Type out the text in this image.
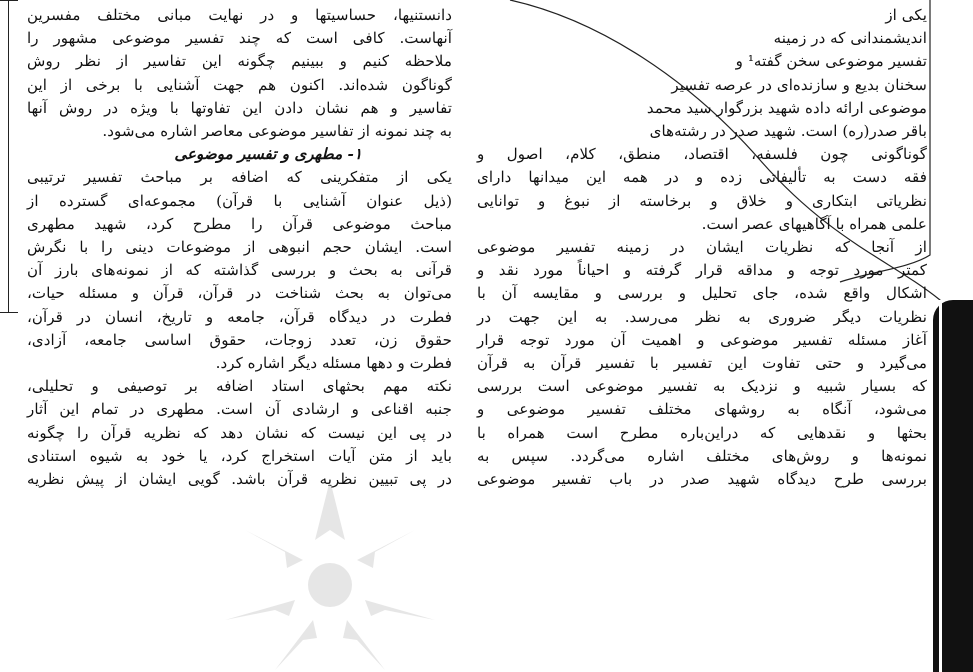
دانستنیها، حساسیتها و در نهایت مبانی مختلف مفسرین
آنهاست. کافی است که چند تفسیر موضوعی مشهور را
ملاحظه کنیم و ببینیم چگونه این تفاسیر از نظر روش
گوناگون شده‌اند. اکنون هم جهت آشنایی با برخی از این
تفاسیر و هم نشان دادن این تفاوتها با ویژه در روش آنها
به چند نمونه از تفاسیر موضوعی معاصر اشاره می‌شود.
۱- مطهری و تفسیر موضوعی
یکی از متفکرینی که اضافه بر مباحث تفسیر ترتیبی
(ذیل عنوان آشنایی با قرآن) مجموعه‌ای گسترده از
مباحث موضوعی قرآن را مطرح کرد، شهید مطهری
است. ایشان حجم انبوهی از موضوعات دینی را با نگرش
قرآنی به بحث و بررسی گذاشته که از نمونه‌های بارز آن
می‌توان به بحث شناخت در قرآن، قرآن و مسئله حیات،
فطرت در دیدگاه قرآن، جامعه و تاریخ، انسان در قرآن،
حقوق زن، تعدد زوجات، حقوق اساسی جامعه، آزادی،
فطرت و دهها مسئله دیگر اشاره کرد.
نکته مهم بحثهای استاد اضافه بر توصیفی و تحلیلی،
جنبه اقناعی و ارشادی آن است. مطهری در تمام این آثار
در پی این نیست که نشان دهد که نظریه قرآن را چگونه
باید از متن آیات استخراج کرد، یا خود به شیوه استنادی
در پی تبیین نظریه قرآن باشد. گویی ایشان از پیش نظریه
یکی از
اندیشمندانی که در زمینه
تفسیر موضوعی سخن گفته¹ و
سخنان بدیع و سازنده‌ای در عرصه تفسیر
موضوعی ارائه داده شهید بزرگوار سید محمد
باقر صدر(ره) است. شهید صدر در رشته‌های
گوناگونی چون فلسفه، اقتصاد، منطق، کلام، اصول و
فقه دست به تألیفاتی زده و در همه این میدانها دارای
نظریاتی ابتکاری و خلاق و برخاسته از نبوغ و توانایی
علمی همراه با آگاهیهای عصر است.
از آنجا که نظریات ایشان در زمینه تفسیر موضوعی
کمتر مورد توجه و مداقه قرار گرفته و احیاناً مورد نقد و
اشکال واقع شده، جای تحلیل و بررسی و مقایسه آن با
نظریات دیگر ضروری به نظر می‌رسد. به این جهت در
آغاز مسئله تفسیر موضوعی و اهمیت آن مورد توجه قرار
می‌گیرد و حتی تفاوت این تفسیر با تفسیر قرآن به قرآن
که بسیار شبیه و نزدیک به تفسیر موضوعی است بررسی
می‌شود، آنگاه به روشهای مختلف تفسیر موضوعی و
بحثها و نقدهایی که دراین‌باره مطرح است همراه با
نمونه‌ها و روش‌های مختلف اشاره می‌گردد. سپس به
بررسی طرح دیدگاه شهید صدر در باب تفسیر موضوعی
